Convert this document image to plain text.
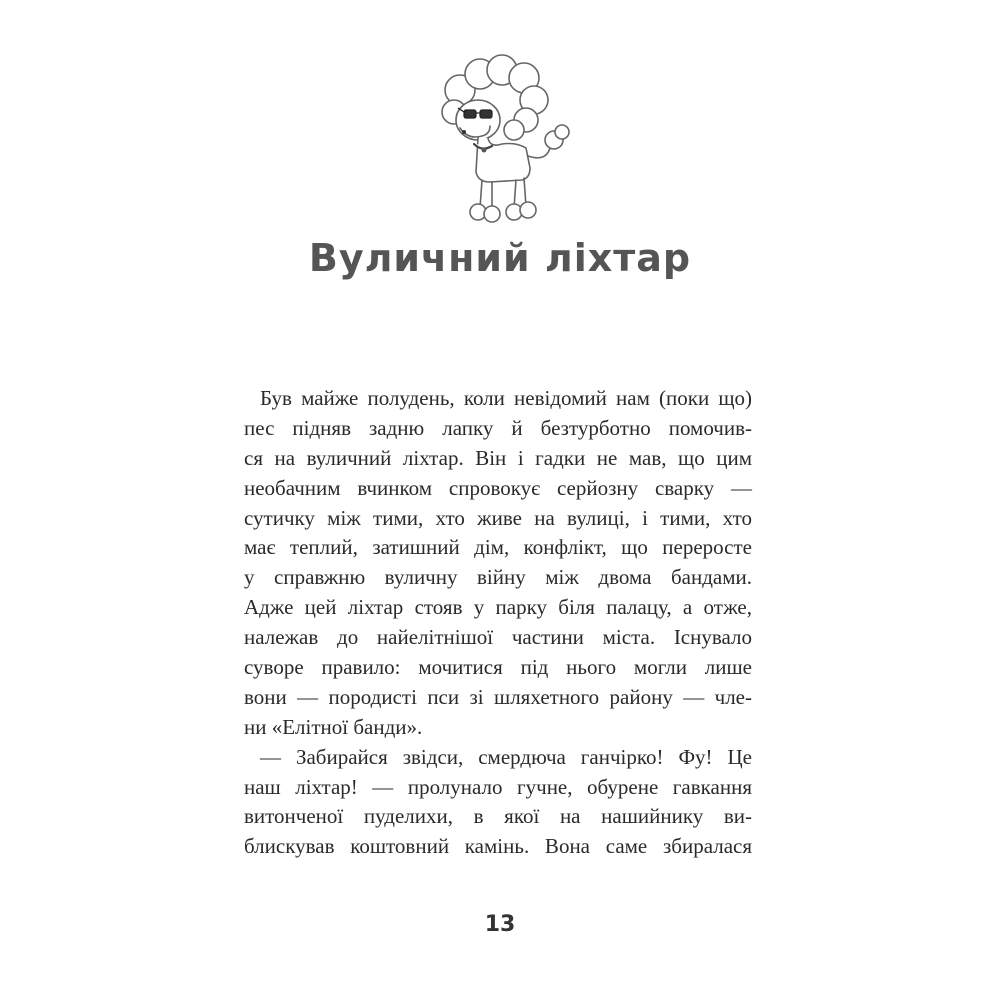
Вуличний ліхтар
Був майже полудень, коли невідомий нам (поки що)
пес підняв задню лапку й безтурботно помочив-
ся на вуличний ліхтар. Він і гадки не мав, що цим
необачним вчинком спровокує серйозну сварку —
сутичку між тими, хто живе на вулиці, і тими, хто
має теплий, затишний дім, конфлікт, що переросте
у справжню вуличну війну між двома бандами.
Адже цей ліхтар стояв у парку біля палацу, а отже,
належав до найелітнішої частини міста. Існувало
суворе правило: мочитися під нього могли лише
вони — породисті пси зі шляхетного району — чле-
ни «Елітної банди».
— Забирайся звідси, смердюча ганчірко! Фу! Це
наш ліхтар! — пролунало гучне, обурене гавкання
витонченої пуделихи, в якої на нашийнику ви-
блискував коштовний камінь. Вона саме збиралася
13
